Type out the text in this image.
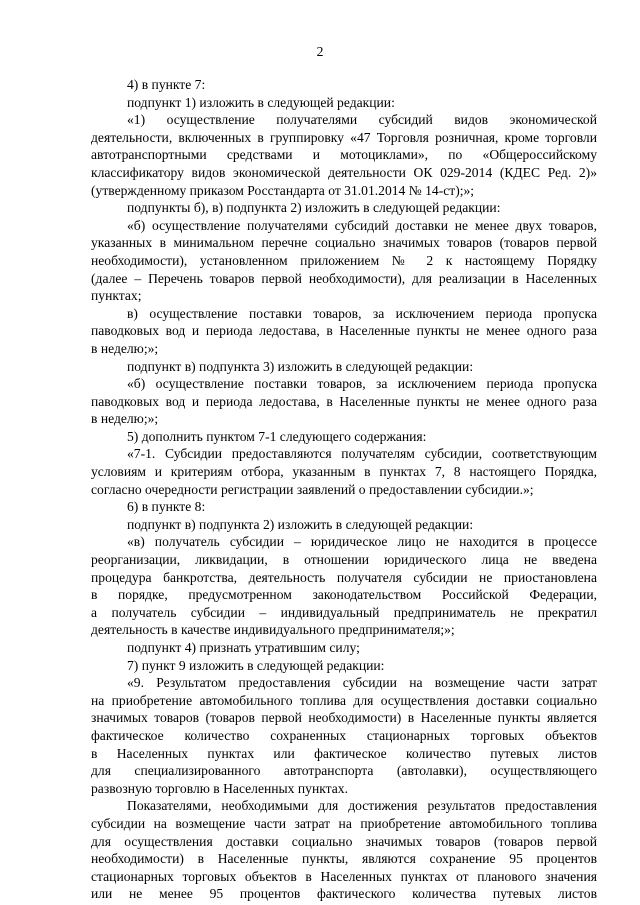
2
4) в пункте 7:
подпункт 1) изложить в следующей редакции:
«1) осуществление получателями субсидий видов экономической
деятельности, включенных в группировку «47 Торговля розничная, кроме торговли
автотранспортными средствами и мотоциклами», по «Общероссийскому
классификатору видов экономической деятельности ОК 029-2014 (КДЕС Ред. 2)»
(утвержденному приказом Росстандарта от 31.01.2014 № 14-ст);»;
подпункты б), в) подпункта 2) изложить в следующей редакции:
«б) осуществление получателями субсидий доставки не менее двух товаров,
указанных в минимальном перечне социально значимых товаров (товаров первой
необходимости), установленном приложением № 2 к настоящему Порядку
(далее – Перечень товаров первой необходимости), для реализации в Населенных
пунктах;
в) осуществление поставки товаров, за исключением периода пропуска
паводковых вод и периода ледостава, в Населенные пункты не менее одного раза
в неделю;»;
подпункт в) подпункта 3) изложить в следующей редакции:
«б) осуществление поставки товаров, за исключением периода пропуска
паводковых вод и периода ледостава, в Населенные пункты не менее одного раза
в неделю;»;
5) дополнить пунктом 7-1 следующего содержания:
«7-1. Субсидии предоставляются получателям субсидии, соответствующим
условиям и критериям отбора, указанным в пунктах 7, 8 настоящего Порядка,
согласно очередности регистрации заявлений о предоставлении субсидии.»;
6) в пункте 8:
подпункт в) подпункта 2) изложить в следующей редакции:
«в) получатель субсидии – юридическое лицо не находится в процессе
реорганизации, ликвидации, в отношении юридического лица не введена
процедура банкротства, деятельность получателя субсидии не приостановлена
в порядке, предусмотренном законодательством Российской Федерации,
а получатель субсидии – индивидуальный предприниматель не прекратил
деятельность в качестве индивидуального предпринимателя;»;
подпункт 4) признать утратившим силу;
7) пункт 9 изложить в следующей редакции:
«9. Результатом предоставления субсидии на возмещение части затрат
на приобретение автомобильного топлива для осуществления доставки социально
значимых товаров (товаров первой необходимости) в Населенные пункты является
фактическое количество сохраненных стационарных торговых объектов
в Населенных пунктах или фактическое количество путевых листов
для специализированного автотранспорта (автолавки), осуществляющего
развозную торговлю в Населенных пунктах.
Показателями, необходимыми для достижения результатов предоставления
субсидии на возмещение части затрат на приобретение автомобильного топлива
для осуществления доставки социально значимых товаров (товаров первой
необходимости) в Населенные пункты, являются сохранение 95 процентов
стационарных торговых объектов в Населенных пунктах от планового значения
или не менее 95 процентов фактического количества путевых листов
